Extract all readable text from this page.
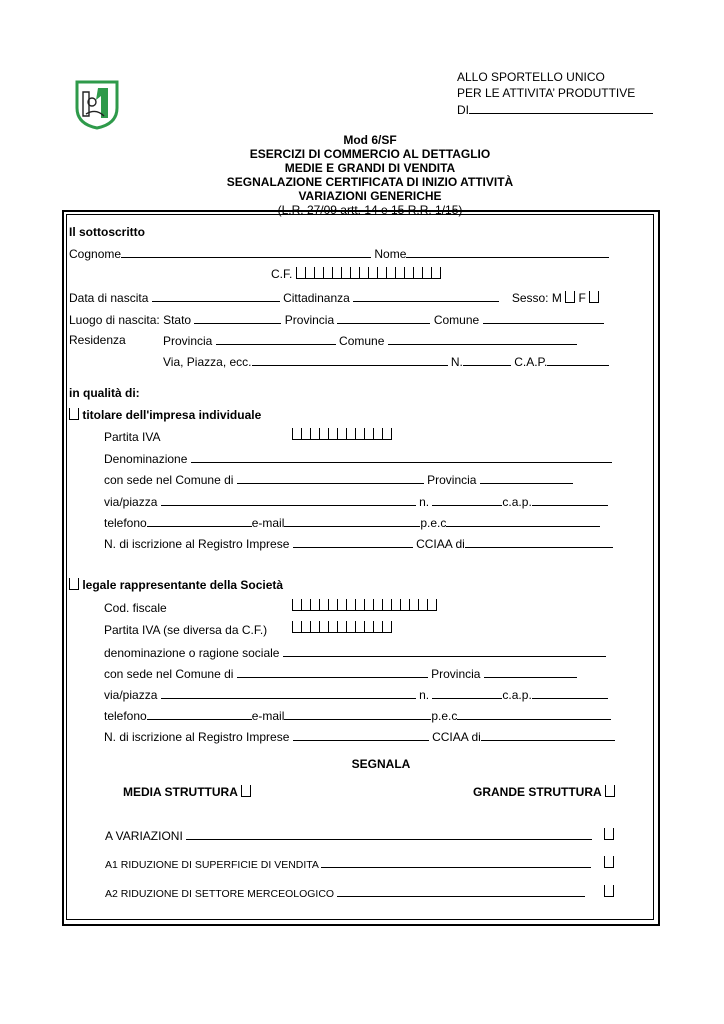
ALLO SPORTELLO UNICO
PER LE ATTIVITA’ PRODUTTIVE
DI
Mod 6/SF
ESERCIZI DI COMMERCIO AL DETTAGLIO
MEDIE E GRANDI DI VENDITA
SEGNALAZIONE CERTIFICATA DI INIZIO ATTIVITÀ
VARIAZIONI GENERICHE
(L.R. 27/09 artt. 14 e 15 R.R. 1/15)
Il sottoscritto
Cognome	Nome
C.F.
Data di nascita	Cittadinanza	Sesso: M F
Luogo di nascita: Stato	Provincia	Comune
Residenza	Provincia	Comune
Via, Piazza, ecc.	N.	C.A.P.
in qualità di:
titolare dell'impresa individuale
Partita IVA
Denominazione
con sede nel Comune di	Provincia
via/piazza	n.	c.a.p.
telefono	e-mail	p.e.c
N. di iscrizione al Registro Imprese	CCIAA di
legale rappresentante della Società
Cod. fiscale
Partita IVA (se diversa da C.F.)
denominazione o ragione sociale
con sede nel Comune di	Provincia
via/piazza	n.	c.a.p.
telefono	e-mail	p.e.c
N. di iscrizione al Registro Imprese	CCIAA di
SEGNALA
MEDIA STRUTTURA	GRANDE STRUTTURA
A VARIAZIONI
A1 RIDUZIONE DI SUPERFICIE DI VENDITA
A2 RIDUZIONE DI SETTORE MERCEOLOGICO
